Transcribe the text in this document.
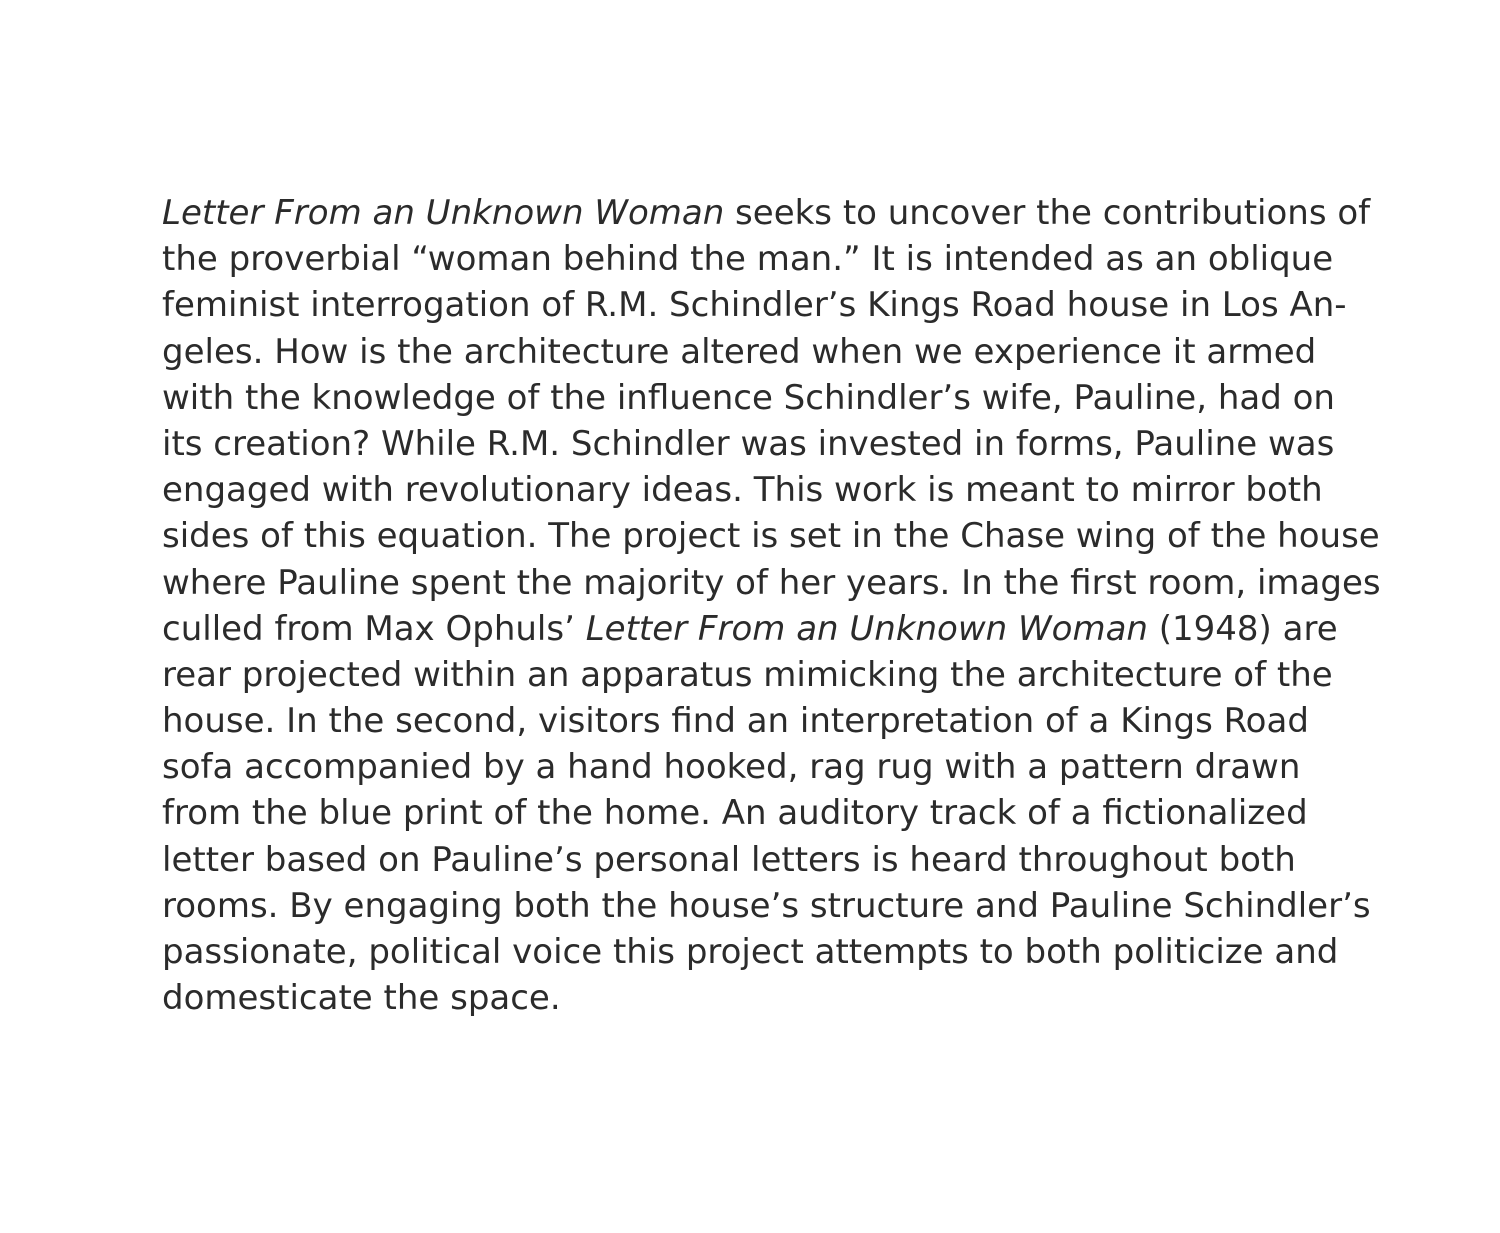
Letter From an Unknown Woman seeks to uncover the contributions of
the proverbial “woman behind the man.” It is intended as an oblique
feminist interrogation of R.M. Schindler’s Kings Road house in Los An-
geles. How is the architecture altered when we experience it armed
with the knowledge of the influence Schindler’s wife, Pauline, had on
its creation? While R.M. Schindler was invested in forms, Pauline was
engaged with revolutionary ideas. This work is meant to mirror both
sides of this equation. The project is set in the Chase wing of the house
where Pauline spent the majority of her years. In the first room, images
culled from Max Ophuls’ Letter From an Unknown Woman (1948) are
rear projected within an apparatus mimicking the architecture of the
house. In the second, visitors find an interpretation of a Kings Road
sofa accompanied by a hand hooked, rag rug with a pattern drawn
from the blue print of the home. An auditory track of a fictionalized
letter based on Pauline’s personal letters is heard throughout both
rooms. By engaging both the house’s structure and Pauline Schindler’s
passionate, political voice this project attempts to both politicize and
domesticate the space.
